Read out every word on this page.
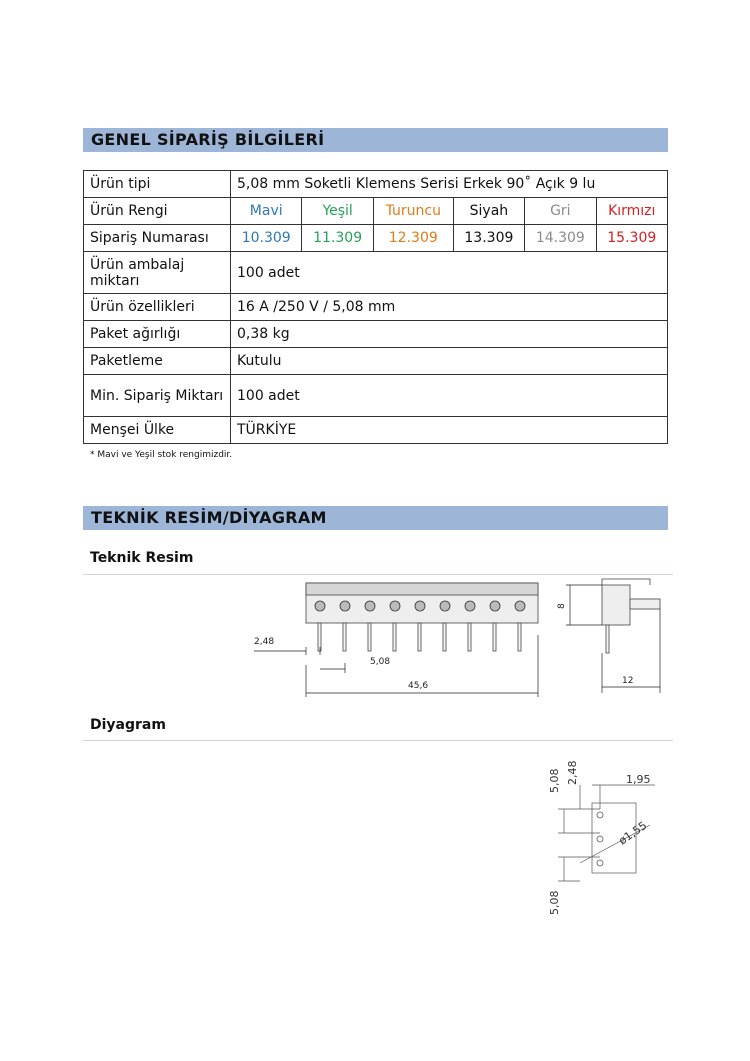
GENEL SİPARİŞ BİLGİLERİ
Ürün tipi	5,08 mm Soketli Klemens Serisi Erkek 90˚ Açık 9 lu					
Ürün Rengi	Mavi	Yeşil	Turuncu	Siyah	Gri	Kırmızı
Sipariş Numarası	10.309	11.309	12.309	13.309	14.309	15.309
Ürün ambalaj miktarı	100 adet					
Ürün özellikleri	16 A /250 V / 5,08 mm					
Paket ağırlığı	0,38 kg					
Paketleme	Kutulu					
Min. Sipariş Miktarı	100 adet					
Menşei Ülke	TÜRKİYE					
* Mavi ve Yeşil stok rengimizdir.
TEKNİK RESİM/DİYAGRAM
Teknik Resim
2,48
5,08
45,6
8
12
Diyagram
5,08 2,48	1,95
ø1,55
5,08
